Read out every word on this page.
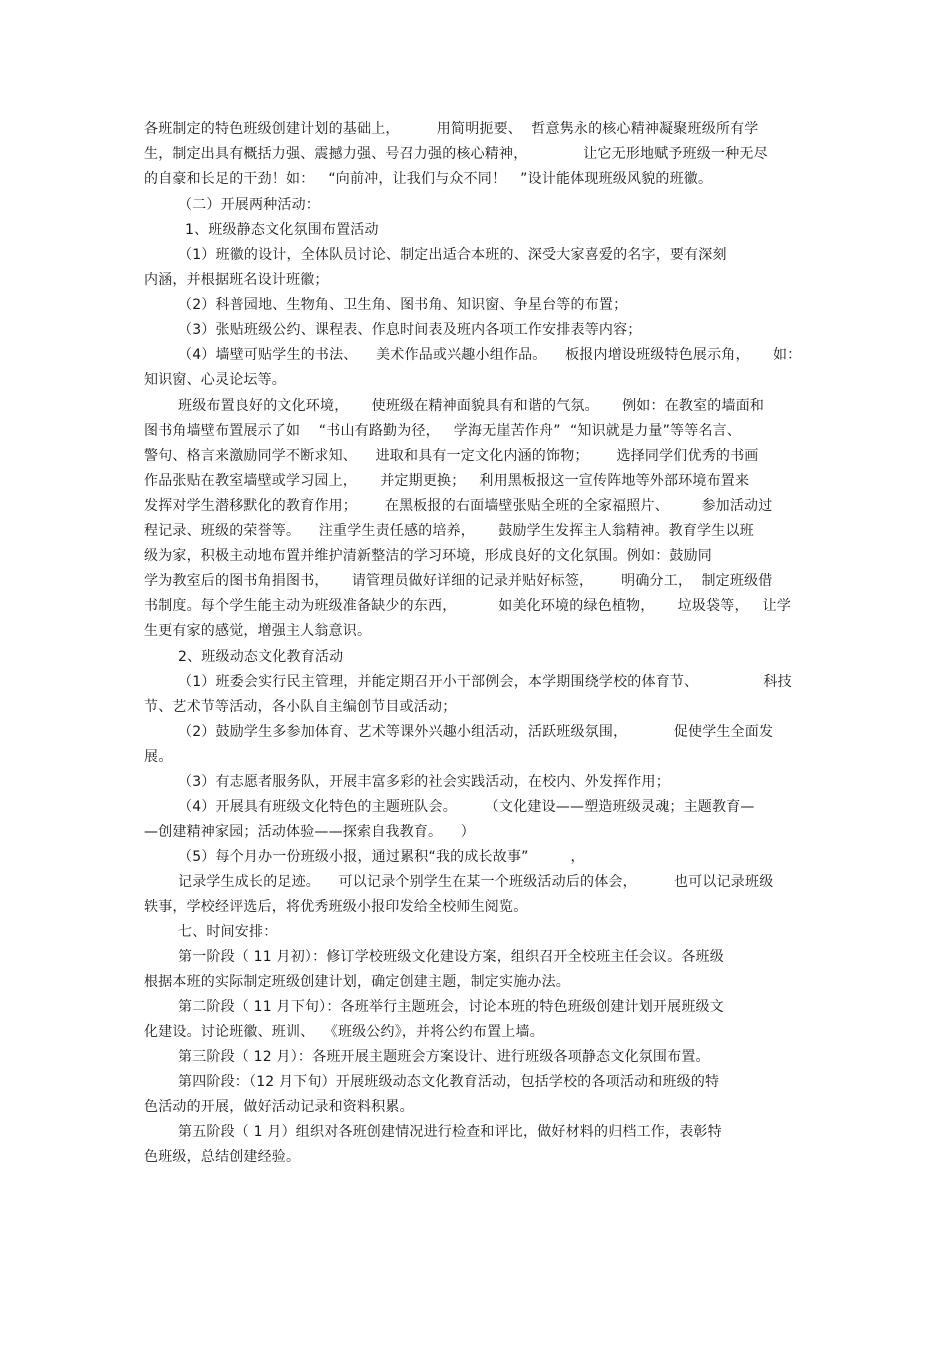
各班制定的特色班级创建计划的基础上，        用简明扼要、  哲意隽永的核心精神凝聚班级所有学
生，制定出具有概括力强、震撼力强、号召力强的核心精神，            让它无形地赋予班级一种无尽
的自豪和长足的干劲！如：   “向前冲，让我们与众不同！   ”设计能体现班级风貌的班徽。
（二）开展两种活动：
1、班级静态文化氛围布置活动
（1）班徽的设计，全体队员讨论、制定出适合本班的、深受大家喜爱的名字，要有深刻
内涵，并根据班名设计班徽；
（2）科普园地、生物角、卫生角、图书角、知识窗、争星台等的布置；
（3）张贴班级公约、课程表、作息时间表及班内各项工作安排表等内容；
（4）墙壁可贴学生的书法、    美术作品或兴趣小组作品。    板报内增设班级特色展示角，     如：
知识窗、心灵论坛等。
班级布置良好的文化环境，     使班级在精神面貌具有和谐的气氛。     例如：在教室的墙面和
图书角墙壁布置展示了如    “书山有路勤为径，   学海无崖苦作舟”  “知识就是力量”等等名言、
警句、格言来激励同学不断求知、    进取和具有一定文化内涵的饰物；      选择同学们优秀的书画
作品张贴在教室墙壁或学习园上，     并定期更换；   利用黑板报这一宣传阵地等外部环境布置来
发挥对学生潜移默化的教育作用；      在黑板报的右面墙壁张贴全班的全家福照片、       参加活动过
程记录、班级的荣誉等。    注重学生责任感的培养，     鼓励学生发挥主人翁精神。教育学生以班
级为家，积极主动地布置并维护清新整洁的学习环境，形成良好的文化氛围。例如：鼓励同
学为教室后的图书角捐图书，     请管理员做好详细的记录并贴好标签，      明确分工，  制定班级借
书制度。每个学生能主动为班级准备缺少的东西，         如美化环境的绿色植物，     垃圾袋等，   让学
生更有家的感觉，增强主人翁意识。
2、班级动态文化教育活动
（1）班委会实行民主管理，并能定期召开小干部例会，本学期围绕学校的体育节、              科技
节、艺术节等活动，各小队自主编创节目或活动；
（2）鼓励学生多参加体育、艺术等课外兴趣小组活动，活跃班级氛围，          促使学生全面发
展。
（3）有志愿者服务队，开展丰富多彩的社会实践活动，在校内、外发挥作用；
（4）开展具有班级文化特色的主题班队会。      （文化建设——塑造班级灵魂；主题教育—
—创建精神家园；活动体验——探索自我教育。    ）
（5）每个月办一份班级小报，通过累积“我的成长故事”         ，
记录学生成长的足迹。    可以记录个别学生在某一个班级活动后的体会，        也可以记录班级
轶事，学校经评选后，将优秀班级小报印发给全校师生阅览。
七、时间安排：
第一阶段（ 11 月初）：修订学校班级文化建设方案，组织召开全校班主任会议。各班级
根据本班的实际制定班级创建计划，确定创建主题，制定实施办法。
第二阶段（ 11 月下旬）：各班举行主题班会，讨论本班的特色班级创建计划开展班级文
化建设。讨论班徽、班训、  《班级公约》，并将公约布置上墙。
第三阶段（ 12 月）：各班开展主题班会方案设计、进行班级各项静态文化氛围布置。
第四阶段：（12 月下旬）开展班级动态文化教育活动，包括学校的各项活动和班级的特
色活动的开展，做好活动记录和资料积累。
第五阶段（ 1 月）组织对各班创建情况进行检查和评比，做好材料的归档工作，表彰特
色班级，总结创建经验。
